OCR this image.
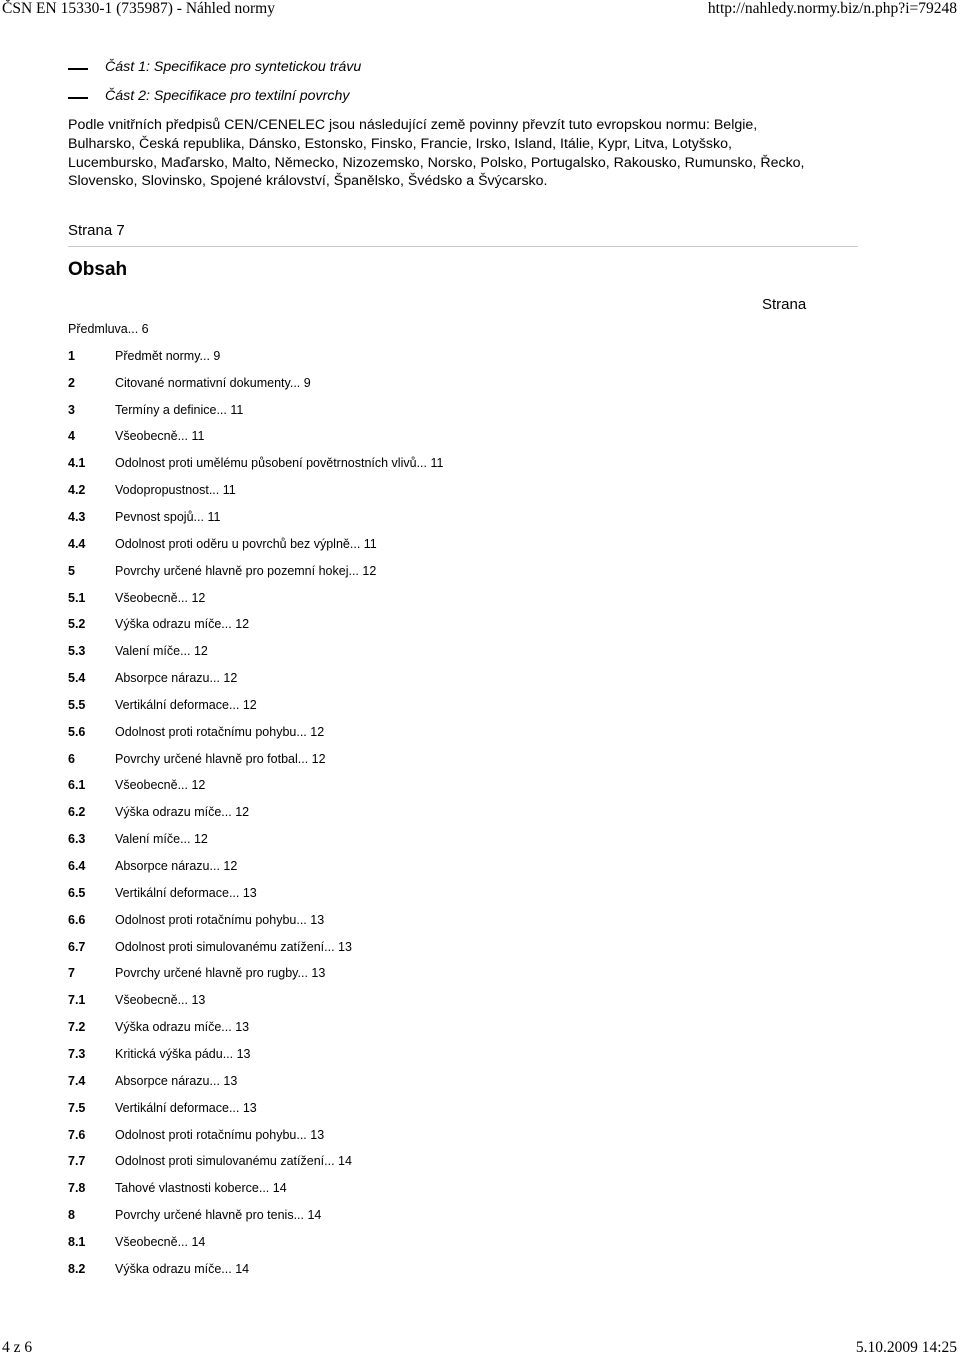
ČSN EN 15330-1 (735987) - Náhled normy	http://nahledy.normy.biz/n.php?i=79248
Část 1: Specifikace pro syntetickou trávu
Část 2: Specifikace pro textilní povrchy
Podle vnitřních předpisů CEN/CENELEC jsou následující země povinny převzít tuto evropskou normu: Belgie,
Bulharsko, Česká republika, Dánsko, Estonsko, Finsko, Francie, Irsko, Island, Itálie, Kypr, Litva, Lotyšsko,
Lucembursko, Maďarsko, Malto, Německo, Nizozemsko, Norsko, Polsko, Portugalsko, Rakousko, Rumunsko, Řecko,
Slovensko, Slovinsko, Spojené království, Španělsko, Švédsko a Švýcarsko.
Strana 7
Obsah
Strana
Předmluva... 6
1	Předmět normy... 9
2	Citované normativní dokumenty... 9
3	Termíny a definice... 11
4	Všeobecně... 11
4.1 Odolnost proti umělému působení povětrnostních vlivů... 11
4.2 Vodopropustnost... 11
4.3 Pevnost spojů... 11
4.4 Odolnost proti oděru u povrchů bez výplně... 11
5	Povrchy určené hlavně pro pozemní hokej... 12
5.1 Všeobecně... 12
5.2 Výška odrazu míče... 12
5.3 Valení míče... 12
5.4 Absorpce nárazu... 12
5.5 Vertikální deformace... 12
5.6 Odolnost proti rotačnímu pohybu... 12
6	Povrchy určené hlavně pro fotbal... 12
6.1 Všeobecně... 12
6.2 Výška odrazu míče... 12
6.3 Valení míče... 12
6.4 Absorpce nárazu... 12
6.5 Vertikální deformace... 13
6.6 Odolnost proti rotačnímu pohybu... 13
6.7 Odolnost proti simulovanému zatížení... 13
7	Povrchy určené hlavně pro rugby... 13
7.1 Všeobecně... 13
7.2 Výška odrazu míče... 13
7.3 Kritická výška pádu... 13
7.4 Absorpce nárazu... 13
7.5 Vertikální deformace... 13
7.6 Odolnost proti rotačnímu pohybu... 13
7.7 Odolnost proti simulovanému zatížení... 14
7.8 Tahové vlastnosti koberce... 14
8	Povrchy určené hlavně pro tenis... 14
8.1 Všeobecně... 14
8.2 Výška odrazu míče... 14
4 z 6	5.10.2009 14:25
